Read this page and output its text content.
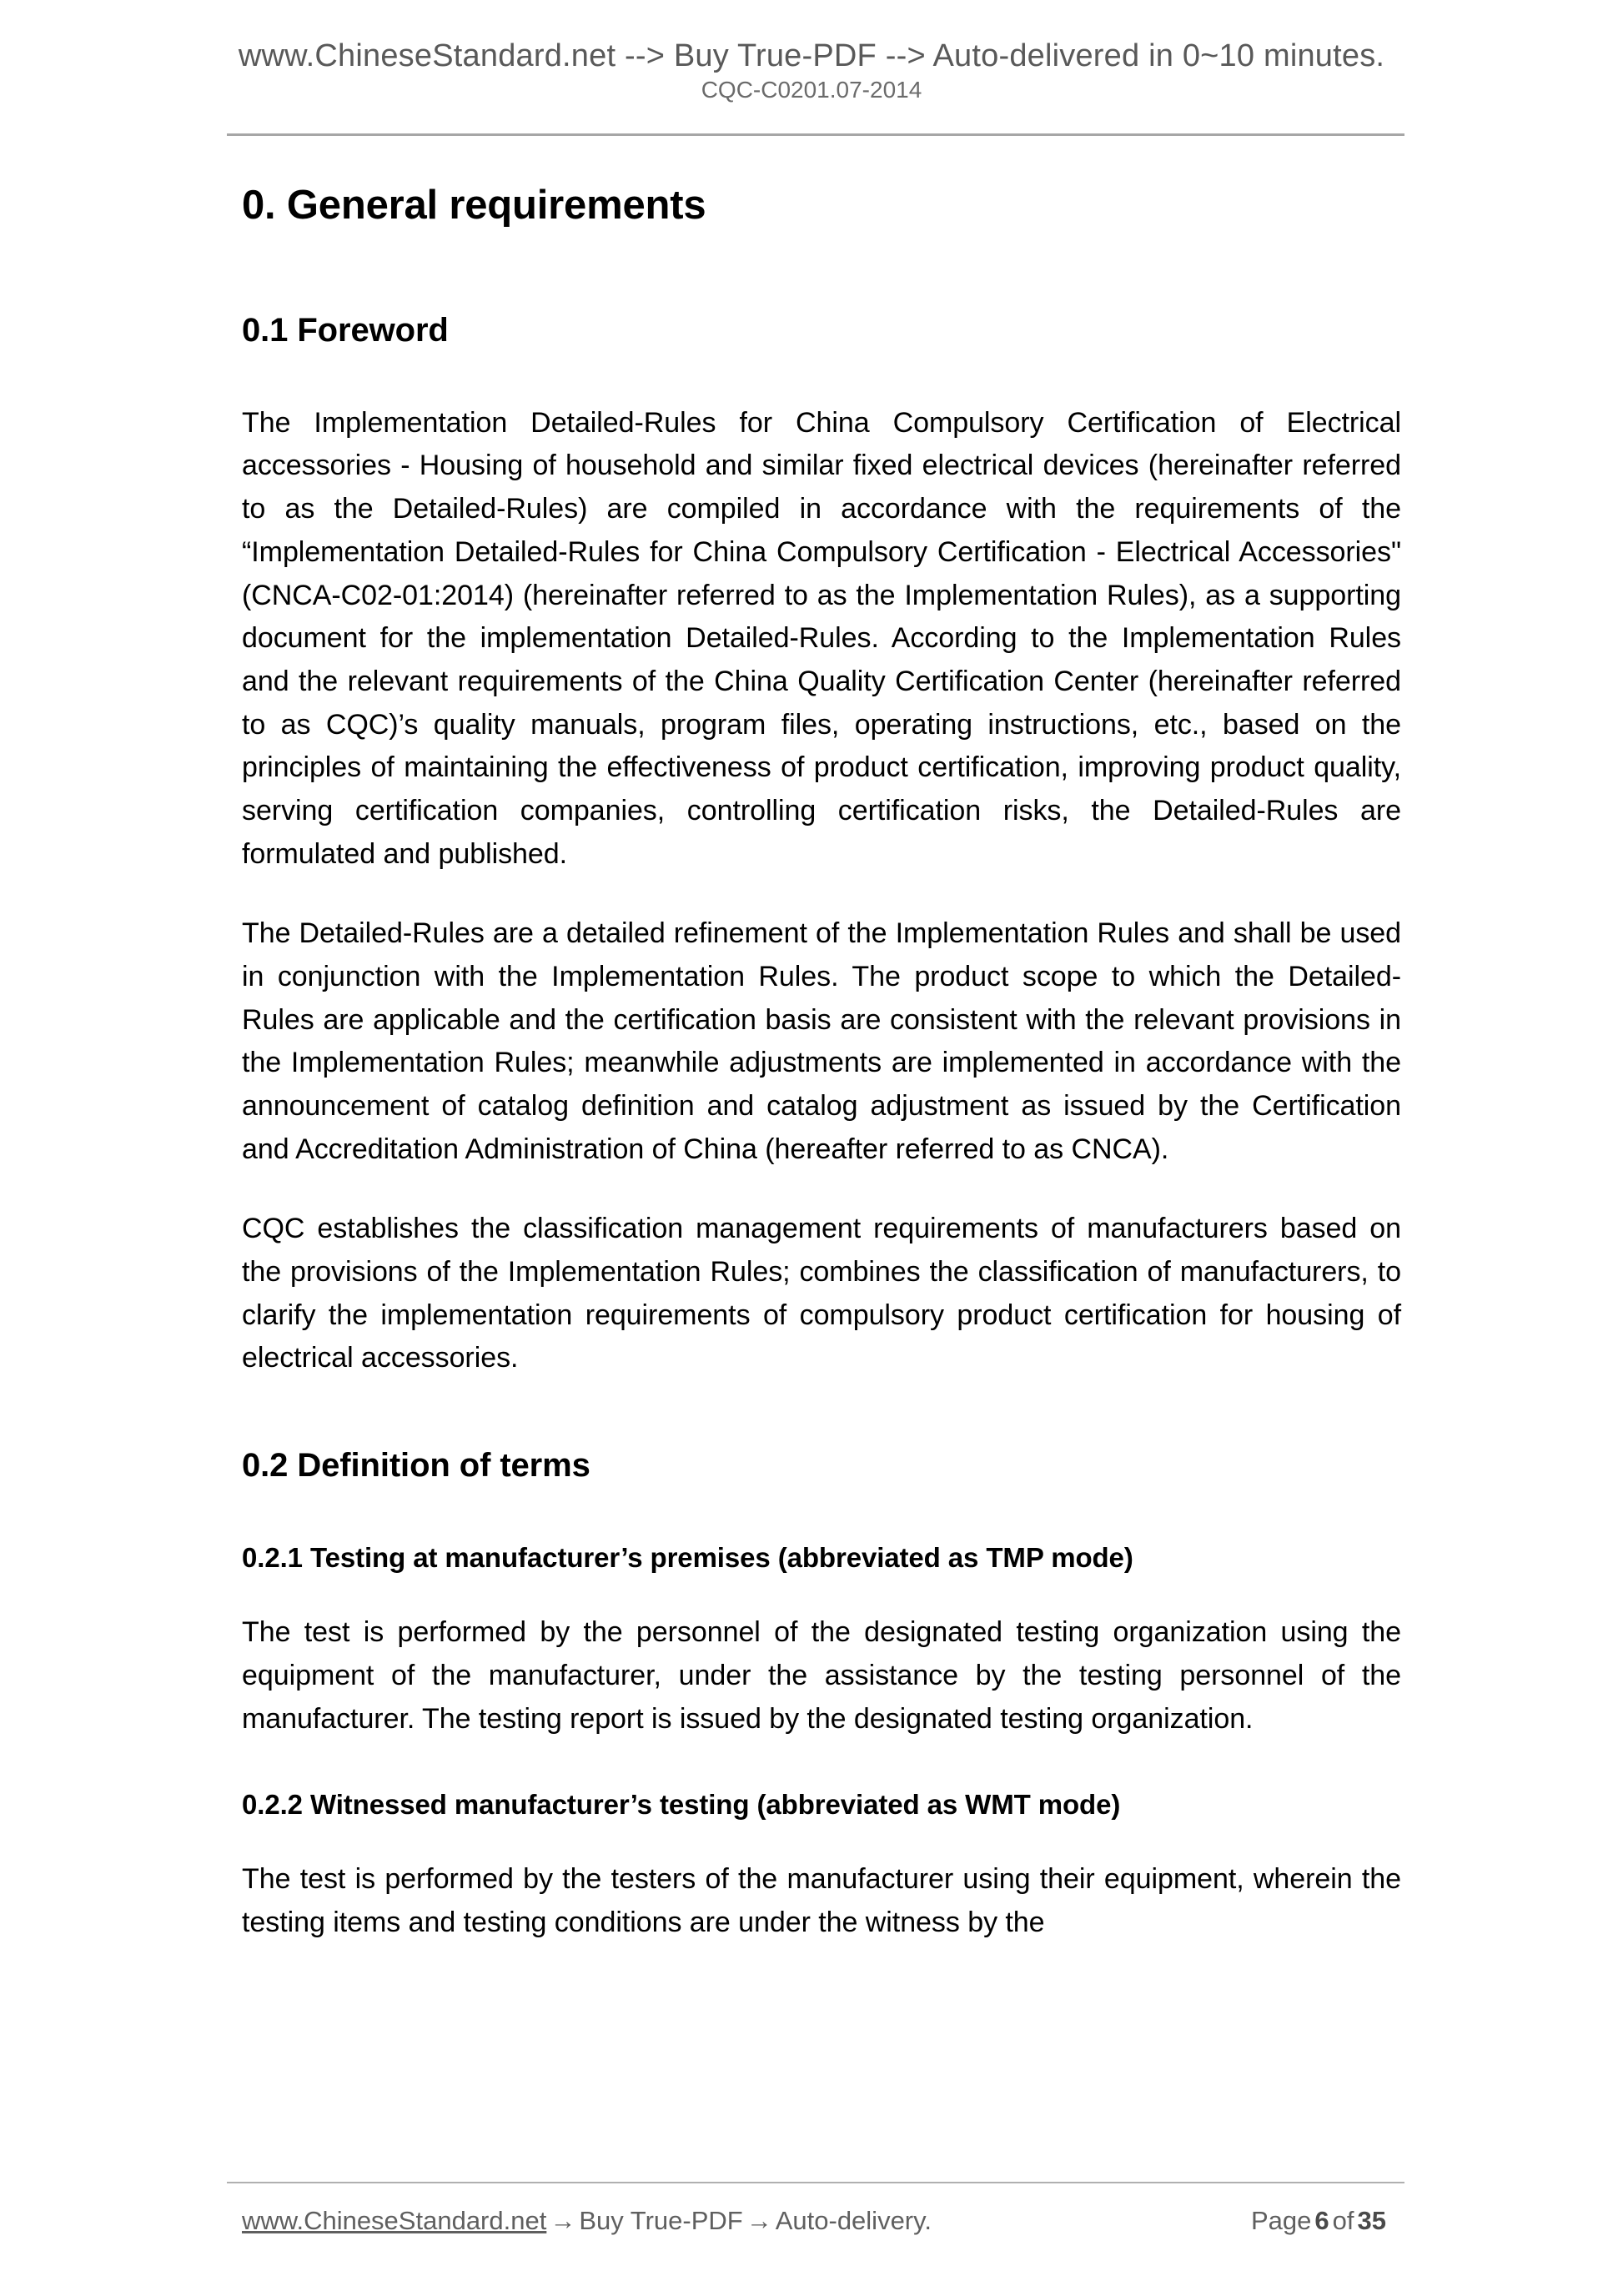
www.ChineseStandard.net --> Buy True-PDF --> Auto-delivered in 0~10 minutes.
CQC-C0201.07-2014
0. General requirements
0.1 Foreword

The Implementation Detailed-Rules for China Compulsory Certification of Electrical accessories - Housing of household and similar fixed electrical devices (hereinafter referred to as the Detailed-Rules) are compiled in accordance with the requirements of the “Implementation Detailed-Rules for China Compulsory Certification - Electrical Accessories" (CNCA-C02-01:2014) (hereinafter referred to as the Implementation Rules), as a supporting document for the implementation Detailed-Rules. According to the Implementation Rules and the relevant requirements of the China Quality Certification Center (hereinafter referred to as CQC)’s quality manuals, program files, operating instructions, etc., based on the principles of maintaining the effectiveness of product certification, improving product quality, serving certification companies, controlling certification risks, the Detailed-Rules are formulated and published.

The Detailed-Rules are a detailed refinement of the Implementation Rules and shall be used in conjunction with the Implementation Rules. The product scope to which the Detailed-Rules are applicable and the certification basis are consistent with the relevant provisions in the Implementation Rules; meanwhile adjustments are implemented in accordance with the announcement of catalog definition and catalog adjustment as issued by the Certification and Accreditation Administration of China (hereafter referred to as CNCA).

CQC establishes the classification management requirements of manufacturers based on the provisions of the Implementation Rules; combines the classification of manufacturers, to clarify the implementation requirements of compulsory product certification for housing of electrical accessories.

0.2 Definition of terms
0.2.1 Testing at manufacturer’s premises (abbreviated as TMP mode)

The test is performed by the personnel of the designated testing organization using the equipment of the manufacturer, under the assistance by the testing personnel of the manufacturer. The testing report is issued by the designated testing organization.

0.2.2 Witnessed manufacturer’s testing (abbreviated as WMT mode)

The test is performed by the testers of the manufacturer using their equipment, wherein the testing items and testing conditions are under the witness by the

www.ChineseStandard.net → Buy True-PDF → Auto-delivery.	Page 6 of 35
